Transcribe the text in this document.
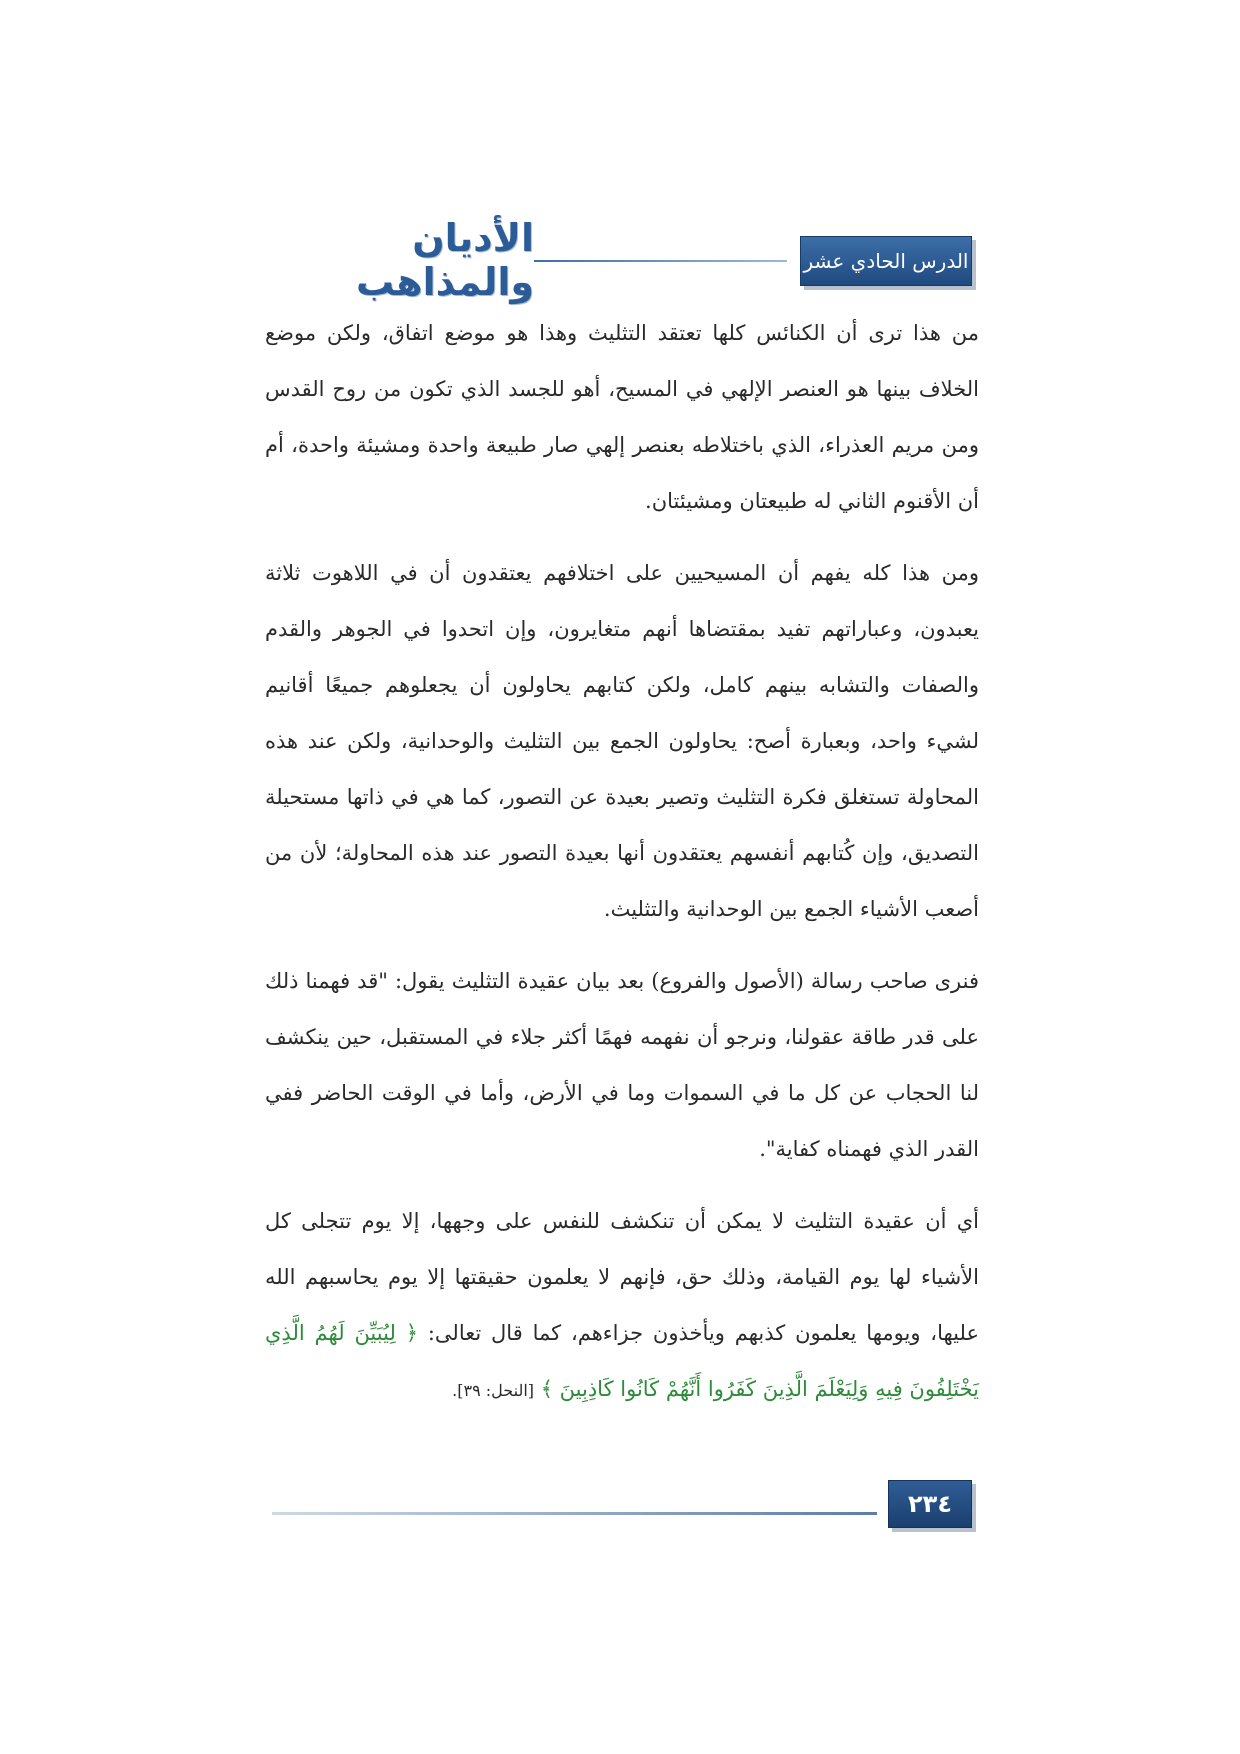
الأديان والمذاهب	الدرس الحادي عشر

من هذا ترى أن الكنائس كلها تعتقد التثليث وهذا هو موضع اتفاق، ولكن موضع الخلاف بينها هو العنصر الإلهي في المسيح، أهو للجسد الذي تكون من روح القدس ومن مريم العذراء، الذي باختلاطه بعنصر إلهي صار طبيعة واحدة ومشيئة واحدة، أم أن الأقنوم الثاني له طبيعتان ومشيئتان.

ومن هذا كله يفهم أن المسيحيين على اختلافهم يعتقدون أن في اللاهوت ثلاثة يعبدون، وعباراتهم تفيد بمقتضاها أنهم متغايرون، وإن اتحدوا في الجوهر والقدم والصفات والتشابه بينهم كامل، ولكن كتابهم يحاولون أن يجعلوهم جميعًا أقانيم لشيء واحد، وبعبارة أصح: يحاولون الجمع بين التثليث والوحدانية، ولكن عند هذه المحاولة تستغلق فكرة التثليث وتصير بعيدة عن التصور، كما هي في ذاتها مستحيلة التصديق، وإن كُتابهم أنفسهم يعتقدون أنها بعيدة التصور عند هذه المحاولة؛ لأن من أصعب الأشياء الجمع بين الوحدانية والتثليث.

فنرى صاحب رسالة (الأصول والفروع) بعد بيان عقيدة التثليث يقول: "قد فهمنا ذلك على قدر طاقة عقولنا، ونرجو أن نفهمه فهمًا أكثر جلاء في المستقبل، حين ينكشف لنا الحجاب عن كل ما في السموات وما في الأرض، وأما في الوقت الحاضر ففي القدر الذي فهمناه كفاية".

أي أن عقيدة التثليث لا يمكن أن تنكشف للنفس على وجهها، إلا يوم تتجلى كل الأشياء لها يوم القيامة، وذلك حق، فإنهم لا يعلمون حقيقتها إلا يوم يحاسبهم الله عليها، ويومها يعلمون كذبهم ويأخذون جزاءهم، كما قال تعالى: ﴿ لِيُبَيِّنَ لَهُمُ الَّذِي يَخْتَلِفُونَ فِيهِ وَلِيَعْلَمَ الَّذِينَ كَفَرُوا أَنَّهُمْ كَانُوا كَاذِبِينَ ﴾ [النحل: ٣٩].

٢٣٤
